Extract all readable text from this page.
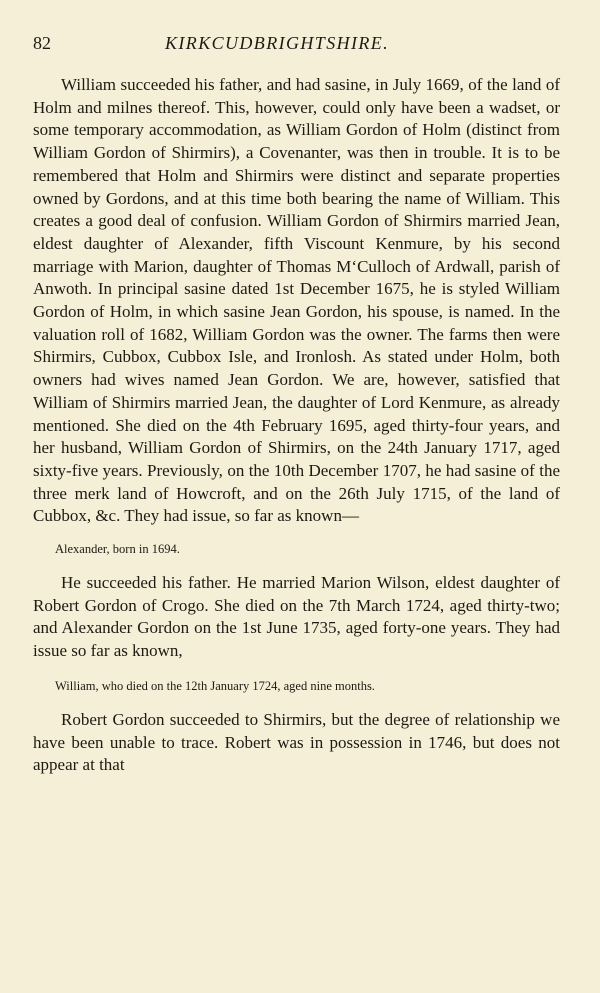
82	KIRKCUDBRIGHTSHIRE.

William succeeded his father, and had sasine, in July 1669, of the land of Holm and milnes thereof. This, however, could only have been a wadset, or some temporary accommodation, as William Gordon of Holm (distinct from William Gordon of Shirmirs), a Covenanter, was then in trouble. It is to be remembered that Holm and Shirmirs were distinct and separate properties owned by Gordons, and at this time both bearing the name of William. This creates a good deal of confusion. William Gordon of Shirmirs married Jean, eldest daughter of Alexander, fifth Viscount Kenmure, by his second marriage with Marion, daughter of Thomas M‘Culloch of Ardwall, parish of Anwoth. In principal sasine dated 1st December 1675, he is styled William Gordon of Holm, in which sasine Jean Gordon, his spouse, is named. In the valuation roll of 1682, William Gordon was the owner. The farms then were Shirmirs, Cubbox, Cubbox Isle, and Ironlosh. As stated under Holm, both owners had wives named Jean Gordon. We are, however, satisfied that William of Shirmirs married Jean, the daughter of Lord Kenmure, as already mentioned. She died on the 4th February 1695, aged thirty-four years, and her husband, William Gordon of Shirmirs, on the 24th January 1717, aged sixty-five years. Previously, on the 10th December 1707, he had sasine of the three merk land of Howcroft, and on the 26th July 1715, of the land of Cubbox, &c. They had issue, so far as known—

Alexander, born in 1694.

He succeeded his father. He married Marion Wilson, eldest daughter of Robert Gordon of Crogo. She died on the 7th March 1724, aged thirty-two; and Alexander Gordon on the 1st June 1735, aged forty-one years. They had issue so far as known,

William, who died on the 12th January 1724, aged nine months.

Robert Gordon succeeded to Shirmirs, but the degree of relationship we have been unable to trace. Robert was in possession in 1746, but does not appear at that
